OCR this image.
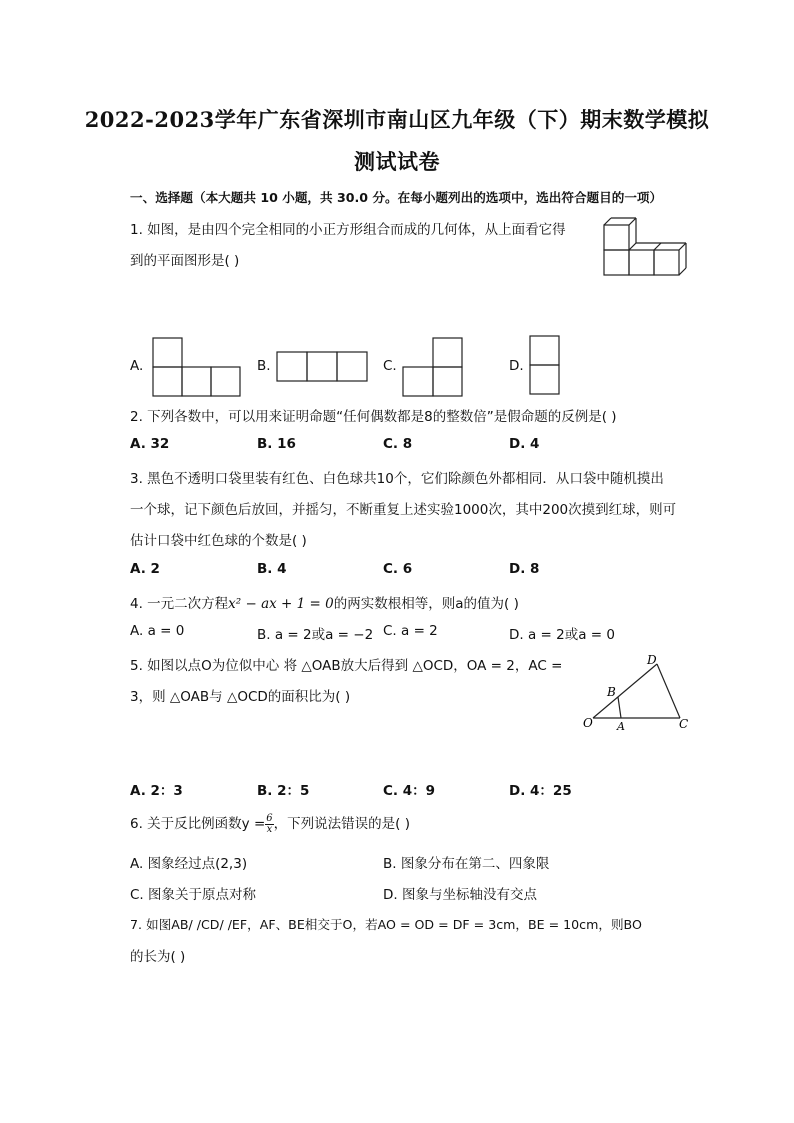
2022-2023学年广东省深圳市南山区九年级（下）期末数学模拟
测试试卷
一、选择题（本大题共 10 小题，共 30.0 分。在每小题列出的选项中，选出符合题目的一项）
1. 如图，是由四个完全相同的小正方形组合而成的几何体，从上面看它得
到的平面图形是( )
A.	B.	C.	D.
2. 下列各数中，可以用来证明命题“任何偶数都是8的整数倍”是假命题的反例是( )
A. 32	B. 16	C. 8	D. 4
3. 黑色不透明口袋里装有红色、白色球共10个，它们除颜色外都相同．从口袋中随机摸出
一个球，记下颜色后放回，并摇匀，不断重复上述实验1000次，其中200次摸到红球，则可
估计口袋中红色球的个数是( )
A. 2	B. 4	C. 6	D. 8
4. 一元二次方程x² − ax + 1 = 0的两实数根相等，则a的值为( )
A. a = 0	B. a = 2或a = −2 C. a = 2	D. a = 2或a = 0
5. 如图以点O为位似中心 将 △OAB放大后得到 △OCD，OA = 2，AC =
3，则 △OAB与 △OCD的面积比为( )
D
B
O A	C
A. 2：3	B. 2：5	C. 4：9	D. 4：25
6. 关于反比例函数$y = \frac{6}{x}$ ，下列说法错误的是( )
A. 图象经过点(2,3)	B. 图象分布在第二、四象限
C. 图象关于原点对称	D. 图象与坐标轴没有交点
7. 如图AB/ /CD/ /EF，AF、BE相交于O，若AO = OD = DF = 3cm，BE = 10cm，则BO
的长为( )
